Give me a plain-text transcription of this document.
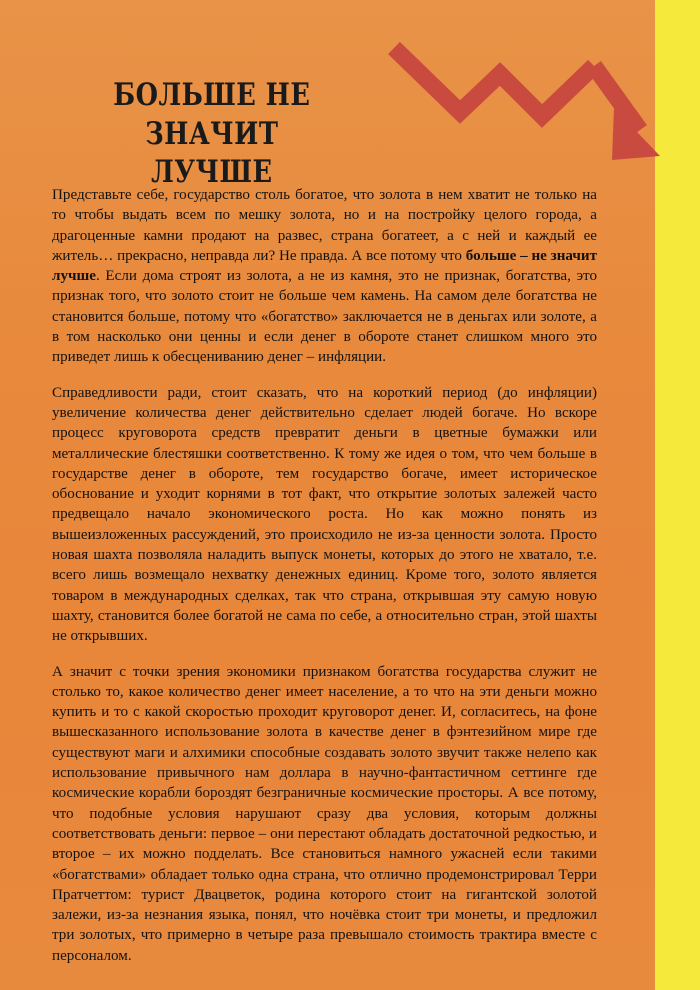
БОЛЬШЕ НЕ ЗНАЧИТ
ЛУЧШЕ

Представьте себе, государство столь богатое, что золота в нем хватит не только на то чтобы выдать всем по мешку золота, но и на постройку целого города, а драгоценные камни продают на развес, страна богатеет, а с ней и каждый ее житель… прекрасно, неправда ли? Не правда. А все потому что больше – не значит лучше. Если дома строят из золота, а не из камня, это не признак, богатства, это признак того, что золото стоит не больше чем камень. На самом деле богатства не становится больше, потому что «богатство» заключается не в деньгах или золоте, а в том насколько они ценны и если денег в обороте станет слишком много это приведет лишь к обесцениванию денег – инфляции.

Справедливости ради, стоит сказать, что на короткий период (до инфляции) увеличение количества денег действительно сделает людей богаче. Но вскоре процесс круговорота средств превратит деньги в цветные бумажки или металлические блестяшки соответственно. К тому же идея о том, что чем больше в государстве денег в обороте, тем государство богаче, имеет историческое обоснование и уходит корнями в тот факт, что открытие золотых залежей часто предвещало начало экономического роста. Но как можно понять из вышеизложенных рассуждений, это происходило не из-за ценности золота. Просто новая шахта позволяла наладить выпуск монеты, которых до этого не хватало, т.е. всего лишь возмещало нехватку денежных единиц. Кроме того, золото является товаром в международных сделках, так что страна, открывшая эту самую новую шахту, становится более богатой не сама по себе, а относительно стран, этой шахты не открывших.

А значит с точки зрения экономики признаком богатства государства служит не столько то, какое количество денег имеет население, а то что на эти деньги можно купить и то с какой скоростью проходит круговорот денег. И, согласитесь, на фоне вышесказанного использование золота в качестве денег в фэнтезийном мире где существуют маги и алхимики способные создавать золото звучит также нелепо как использование привычного нам доллара в научно-фантастичном сеттинге где космические корабли бороздят безграничные космические просторы. А все потому, что подобные условия нарушают сразу два условия, которым должны соответствовать деньги: первое – они перестают обладать достаточной редкостью, и второе – их можно подделать. Все становиться намного ужасней если такими «богатствами» обладает только одна страна, что отлично продемонстрировал Терри Пратчеттом: турист Двацветок, родина которого стоит на гигантской золотой залежи, из-за незнания языка, понял, что ночёвка стоит три монеты, и предложил три золотых, что примерно в четыре раза превышало стоимость трактира вместе с персоналом.
